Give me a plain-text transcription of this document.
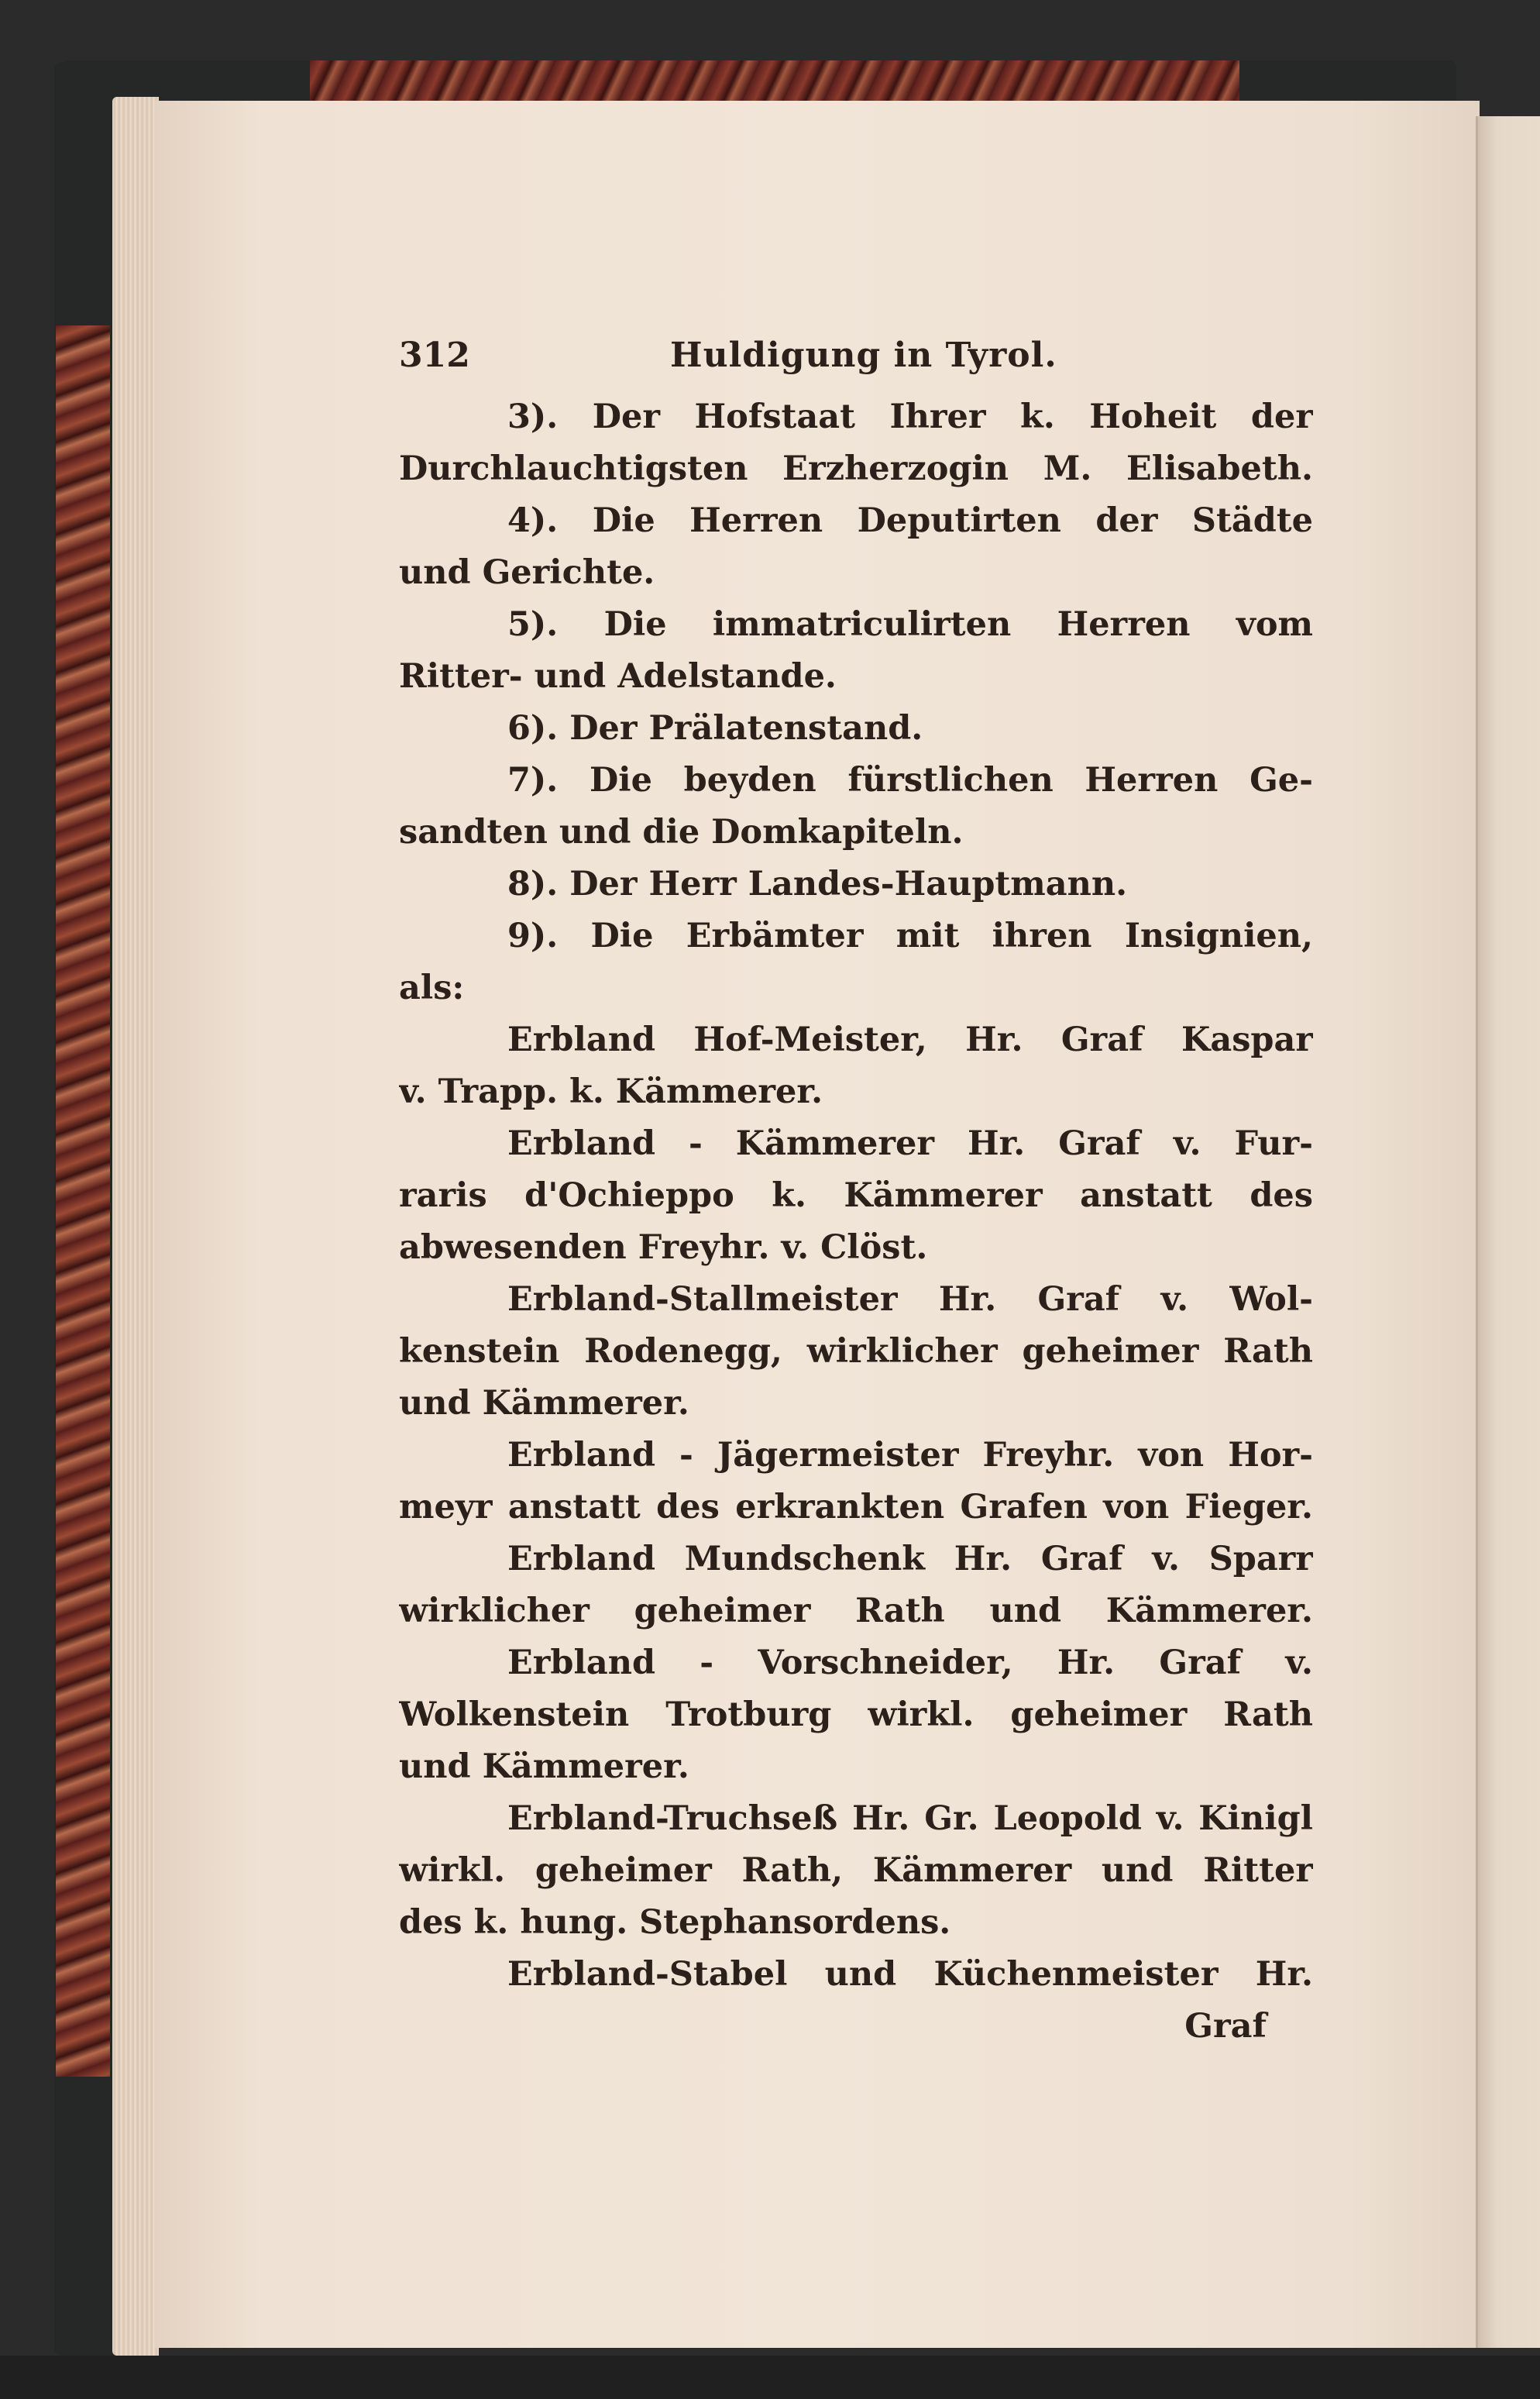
312	Huldigung in Tyrol.
3). Der Hofstaat Ihrer k. Hoheit der
Durchlauchtigsten Erzherzogin M. Elisabeth.
4). Die Herren Deputirten der Städte
und Gerichte.
5). Die immatriculirten Herren vom
Ritter- und Adelstande.
6). Der Prälatenstand.
7). Die beyden fürstlichen Herren Ge-
sandten und die Domkapiteln.
8). Der Herr Landes-Hauptmann.
9). Die Erbämter mit ihren Insignien,
als:
Erbland Hof-Meister, Hr. Graf Kaspar
v. Trapp. k. Kämmerer.
Erbland - Kämmerer Hr. Graf v. Fur-
raris d'Ochieppo k. Kämmerer anstatt des
abwesenden Freyhr. v. Clöst.
Erbland-Stallmeister Hr. Graf v. Wol-
kenstein Rodenegg, wirklicher geheimer Rath
und Kämmerer.
Erbland - Jägermeister Freyhr. von Hor-
meyr anstatt des erkrankten Grafen von Fieger.
Erbland Mundschenk Hr. Graf v. Sparr
wirklicher geheimer Rath und Kämmerer.
Erbland - Vorschneider, Hr. Graf v.
Wolkenstein Trotburg wirkl. geheimer Rath
und Kämmerer.
Erbland-Truchseß Hr. Gr. Leopold v. Kinigl
wirkl. geheimer Rath, Kämmerer und Ritter
des k. hung. Stephansordens.
Erbland-Stabel und Küchenmeister Hr.
Graf
